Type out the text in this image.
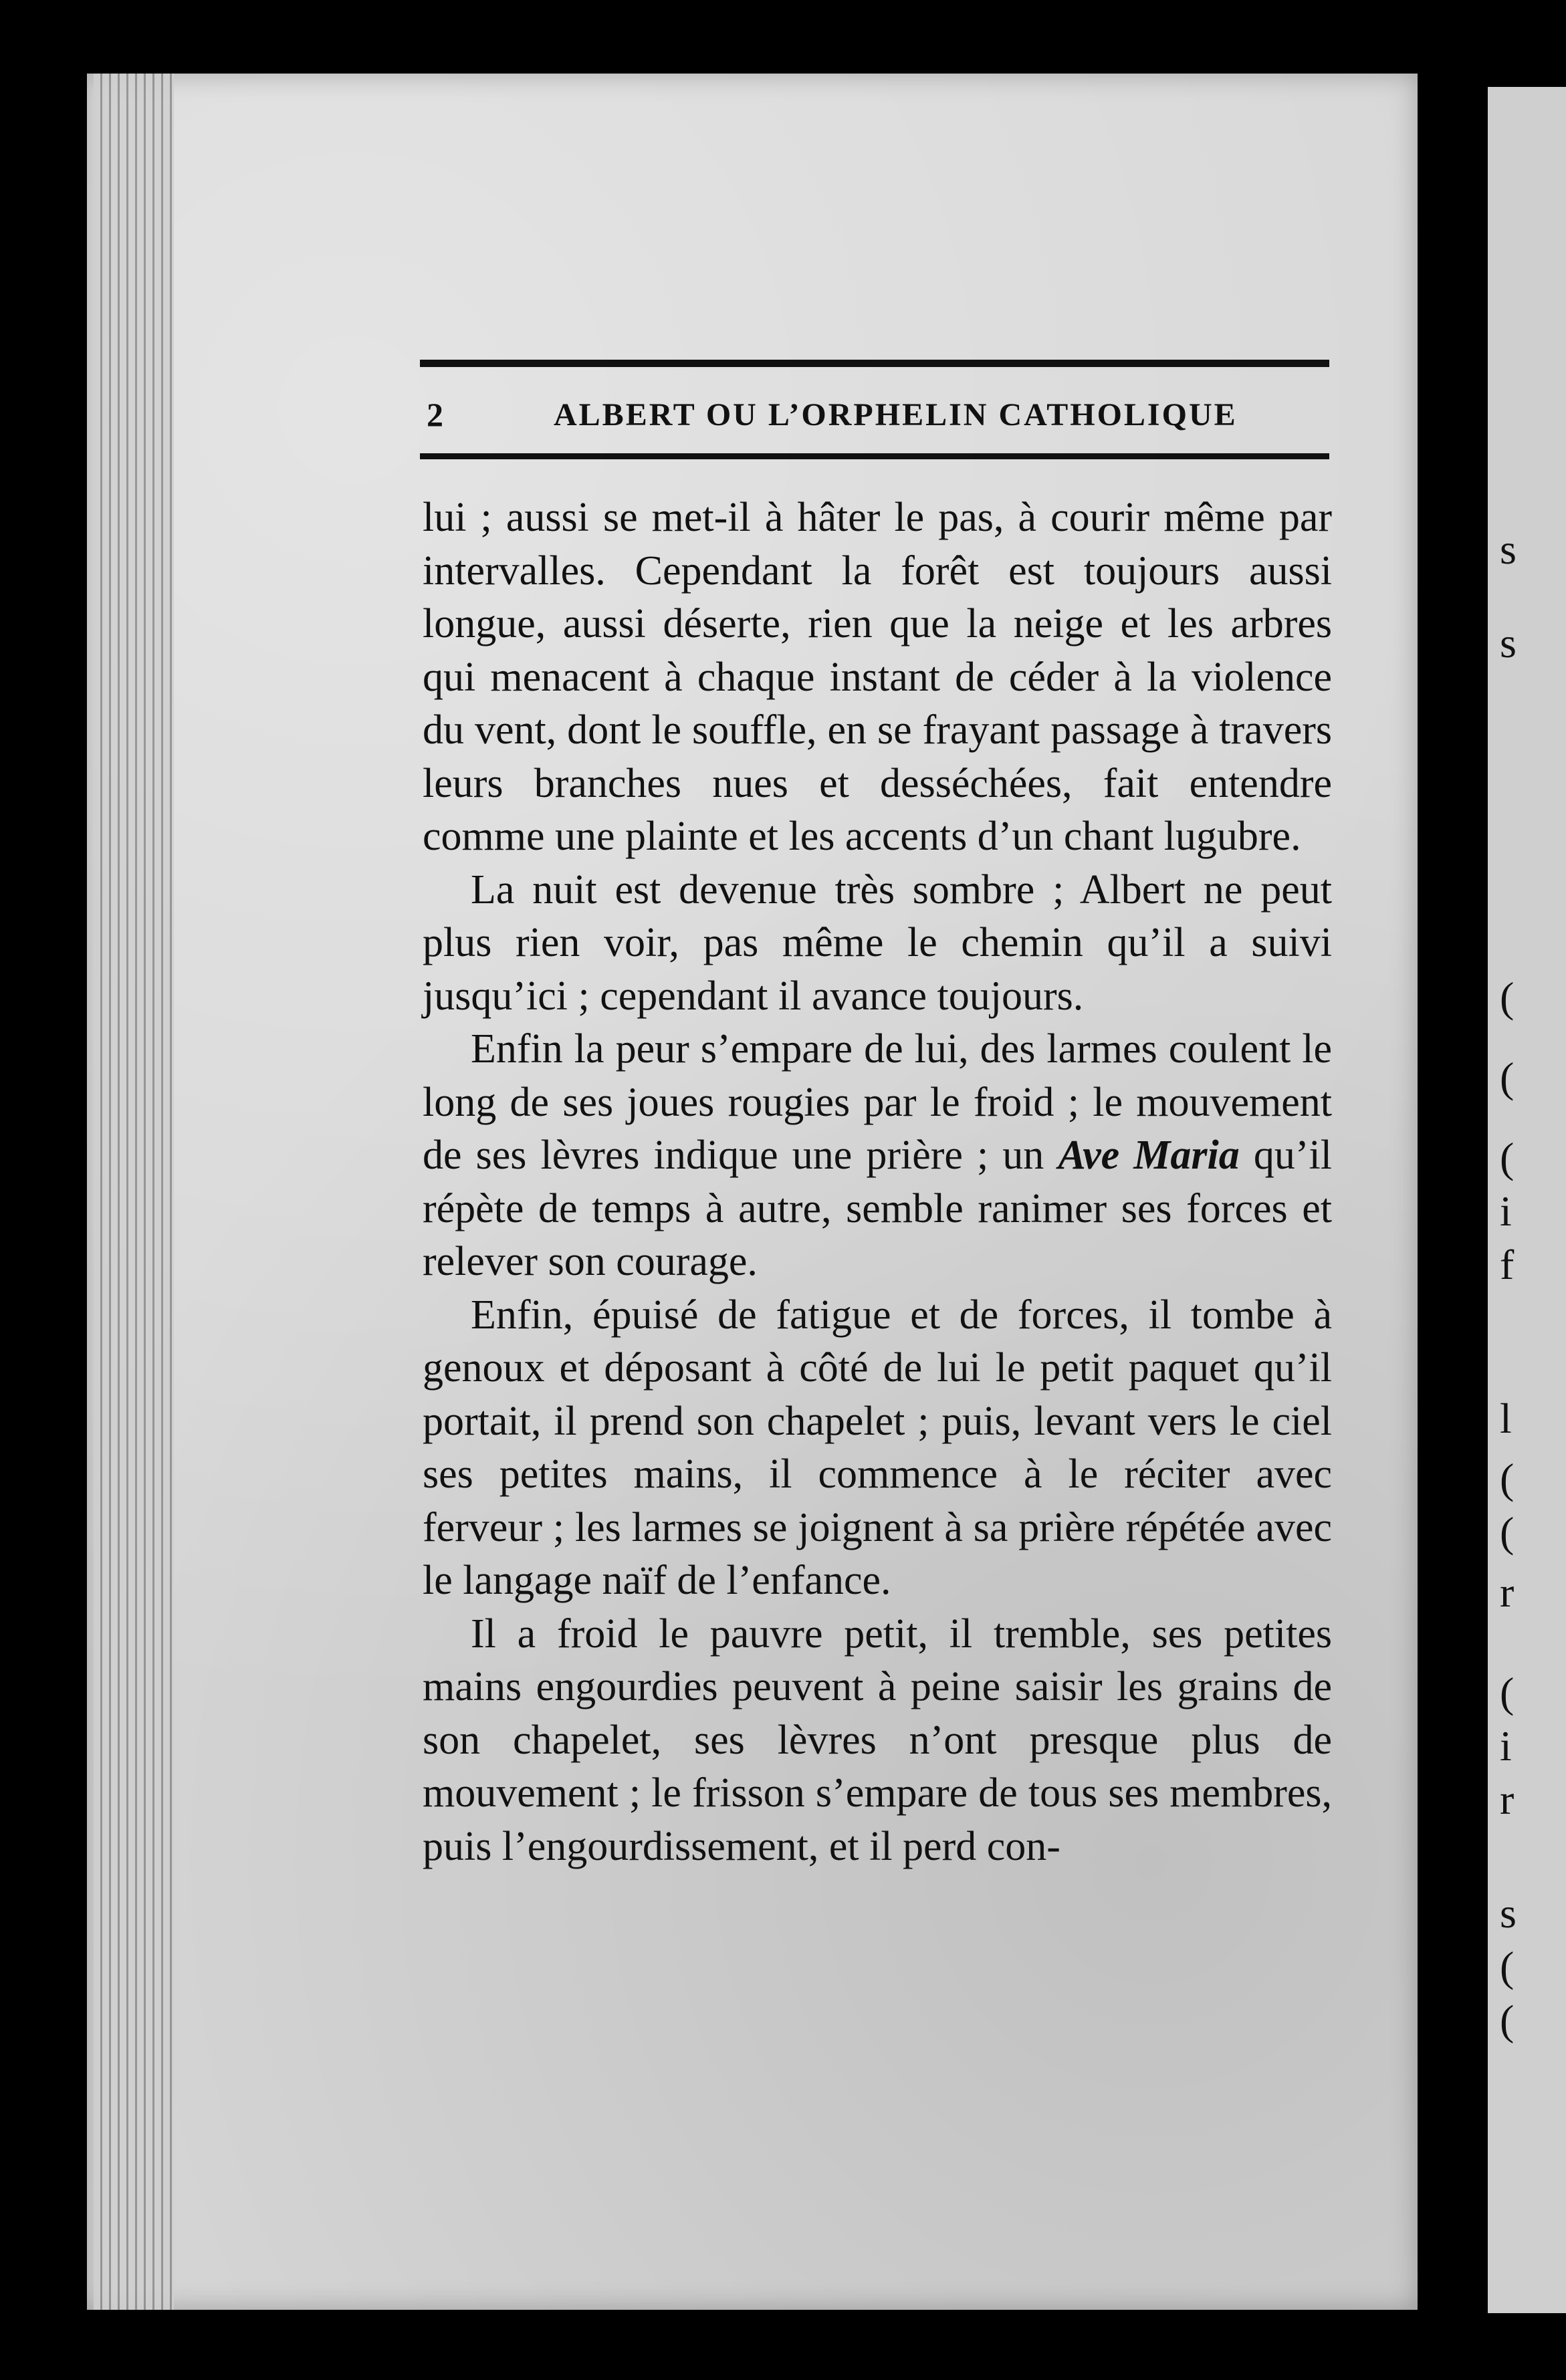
s
s
(
(
(
i
f
l
(
(
r
(
i
r
s
(
(
2	ALBERT OU L’ORPHELIN CATHOLIQUE

lui ; aussi se met-il à hâter le pas, à courir même par intervalles. Cependant la forêt est toujours aussi longue, aussi déserte, rien que la neige et les arbres qui menacent à chaque instant de céder à la violence du vent, dont le souffle, en se frayant passage à travers leurs branches nues et desséchées, fait entendre comme une plainte et les accents d’un chant lugubre.

La nuit est devenue très sombre ; Albert ne peut plus rien voir, pas même le chemin qu’il a suivi jusqu’ici ; cependant il avance toujours.

Enfin la peur s’empare de lui, des larmes coulent le long de ses joues rougies par le froid ; le mouvement de ses lèvres indique une prière ; un Ave Maria qu’il répète de temps à autre, semble ranimer ses forces et relever son courage.

Enfin, épuisé de fatigue et de forces, il tombe à genoux et déposant à côté de lui le petit paquet qu’il portait, il prend son chapelet ; puis, levant vers le ciel ses petites mains, il commence à le réciter avec ferveur ; les larmes se joignent à sa prière répétée avec le langage naïf de l’enfance.

Il a froid le pauvre petit, il tremble, ses petites mains engourdies peuvent à peine saisir les grains de son chapelet, ses lèvres n’ont presque plus de mouvement ; le frisson s’empare de tous ses membres, puis l’engourdissement, et il perd con-
